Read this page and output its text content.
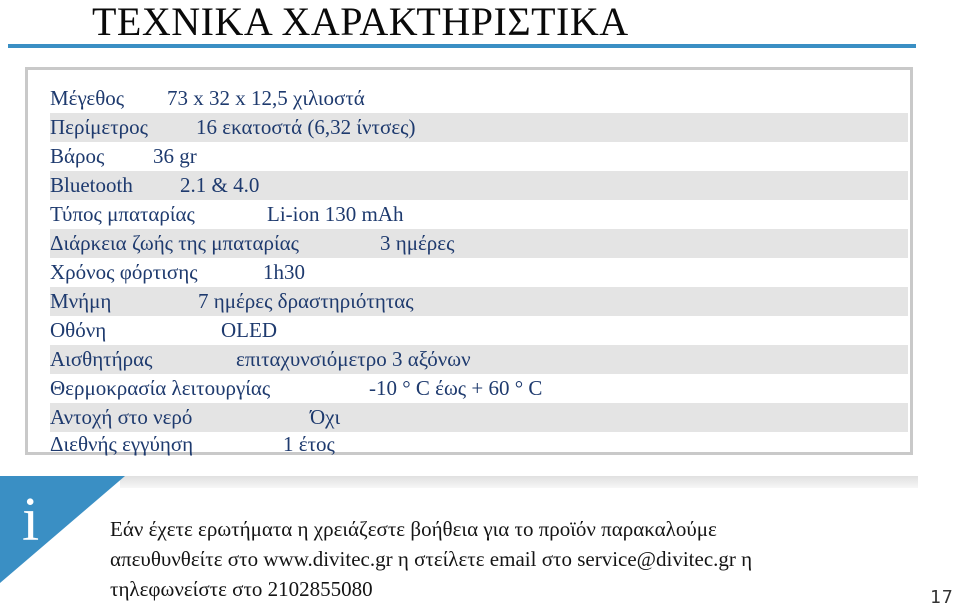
ΤΕΧΝΙΚΑ ΧΑΡΑΚΤΗΡΙΣΤΙΚΑ
Μέγεθος 73 x 32 x 12,5 χιλιοστά
Περίμετρος 16 εκατοστά (6,32 ίντσες)
Βάρος 36 gr
Bluetooth 2.1 & 4.0
Τύπος μπαταρίας	Li-ion 130 mAh
Διάρκεια ζωής της μπαταρίας	3 ημέρες
Χρόνος φόρτισης	1h30
Μνήμη	7 ημέρες δραστηριότητας
Οθόνη	OLED
Αισθητήρας	επιταχυνσιόμετρο 3 αξόνων
Θερμοκρασία λειτουργίας	-10 ° C έως + 60 ° C
Αντοχή στο νερό	Όχι
Διεθνής εγγύηση	1 έτος
i	Εάν έχετε ερωτήματα η χρειάζεστε βοήθεια για το προϊόν παρακαλούμε
απευθυνθείτε στο www.divitec.gr η στείλετε email στο service@divitec.gr η
τηλεφωνείστε στο 2102855080	17
